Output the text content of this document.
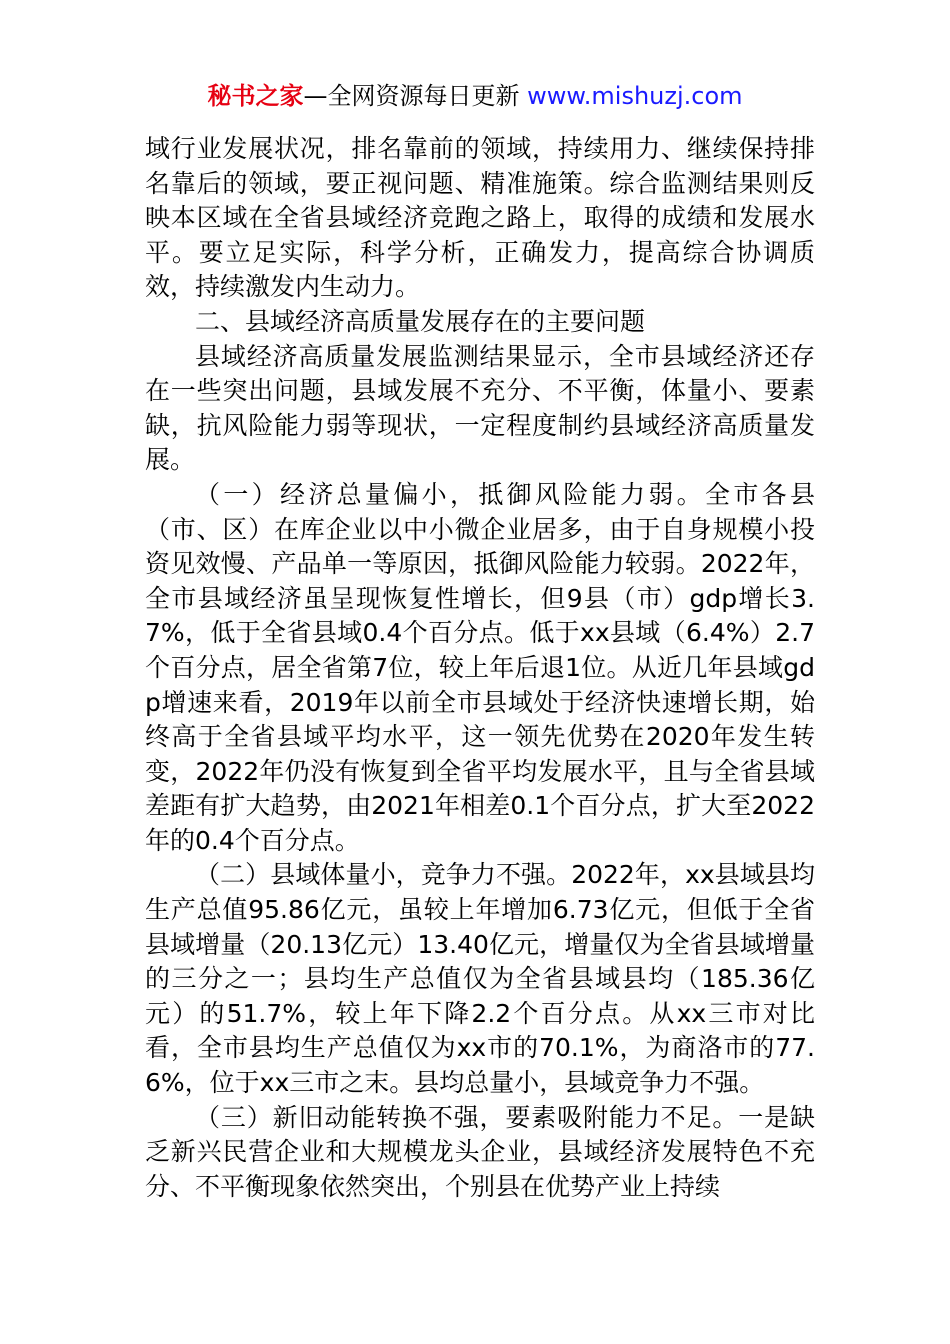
秘书之家—全网资源每日更新 www.mishuzj.com

域行业发展状况，排名靠前的领域，持续用力、继续保持排名靠后的领域，要正视问题、精准施策。综合监测结果则反映本区域在全省县域经济竞跑之路上，取得的成绩和发展水平。要立足实际，科学分析，正确发力，提高综合协调质效，持续激发内生动力。

二、县域经济高质量发展存在的主要问题

县域经济高质量发展监测结果显示，全市县域经济还存在一些突出问题，县域发展不充分、不平衡，体量小、要素缺，抗风险能力弱等现状，一定程度制约县域经济高质量发展。

（一）经济总量偏小，抵御风险能力弱。全市各县（市、区）在库企业以中小微企业居多，由于自身规模小投资见效慢、产品单一等原因，抵御风险能力较弱。2022年，全市县域经济虽呈现恢复性增长，但9县（市）gdp增长3.7%，低于全省县域0.4个百分点。低于xx县域（6.4%）2.7个百分点，居全省第7位，较上年后退1位。从近几年县域gdp增速来看，2019年以前全市县域处于经济快速增长期，始终高于全省县域平均水平，这一领先优势在2020年发生转变，2022年仍没有恢复到全省平均发展水平，且与全省县域差距有扩大趋势，由2021年相差0.1个百分点，扩大至2022年的0.4个百分点。

（二）县域体量小，竞争力不强。2022年，xx县域县均生产总值95.86亿元，虽较上年增加6.73亿元，但低于全省县域增量（20.13亿元）13.40亿元，增量仅为全省县域增量的三分之一；县均生产总值仅为全省县域县均（185.36亿元）的51.7%，较上年下降2.2个百分点。从xx三市对比看，全市县均生产总值仅为xx市的70.1%，为商洛市的77.6%，位于xx三市之末。县均总量小，县域竞争力不强。

（三）新旧动能转换不强，要素吸附能力不足。一是缺乏新兴民营企业和大规模龙头企业，县域经济发展特色不充分、不平衡现象依然突出，个别县在优势产业上持续
